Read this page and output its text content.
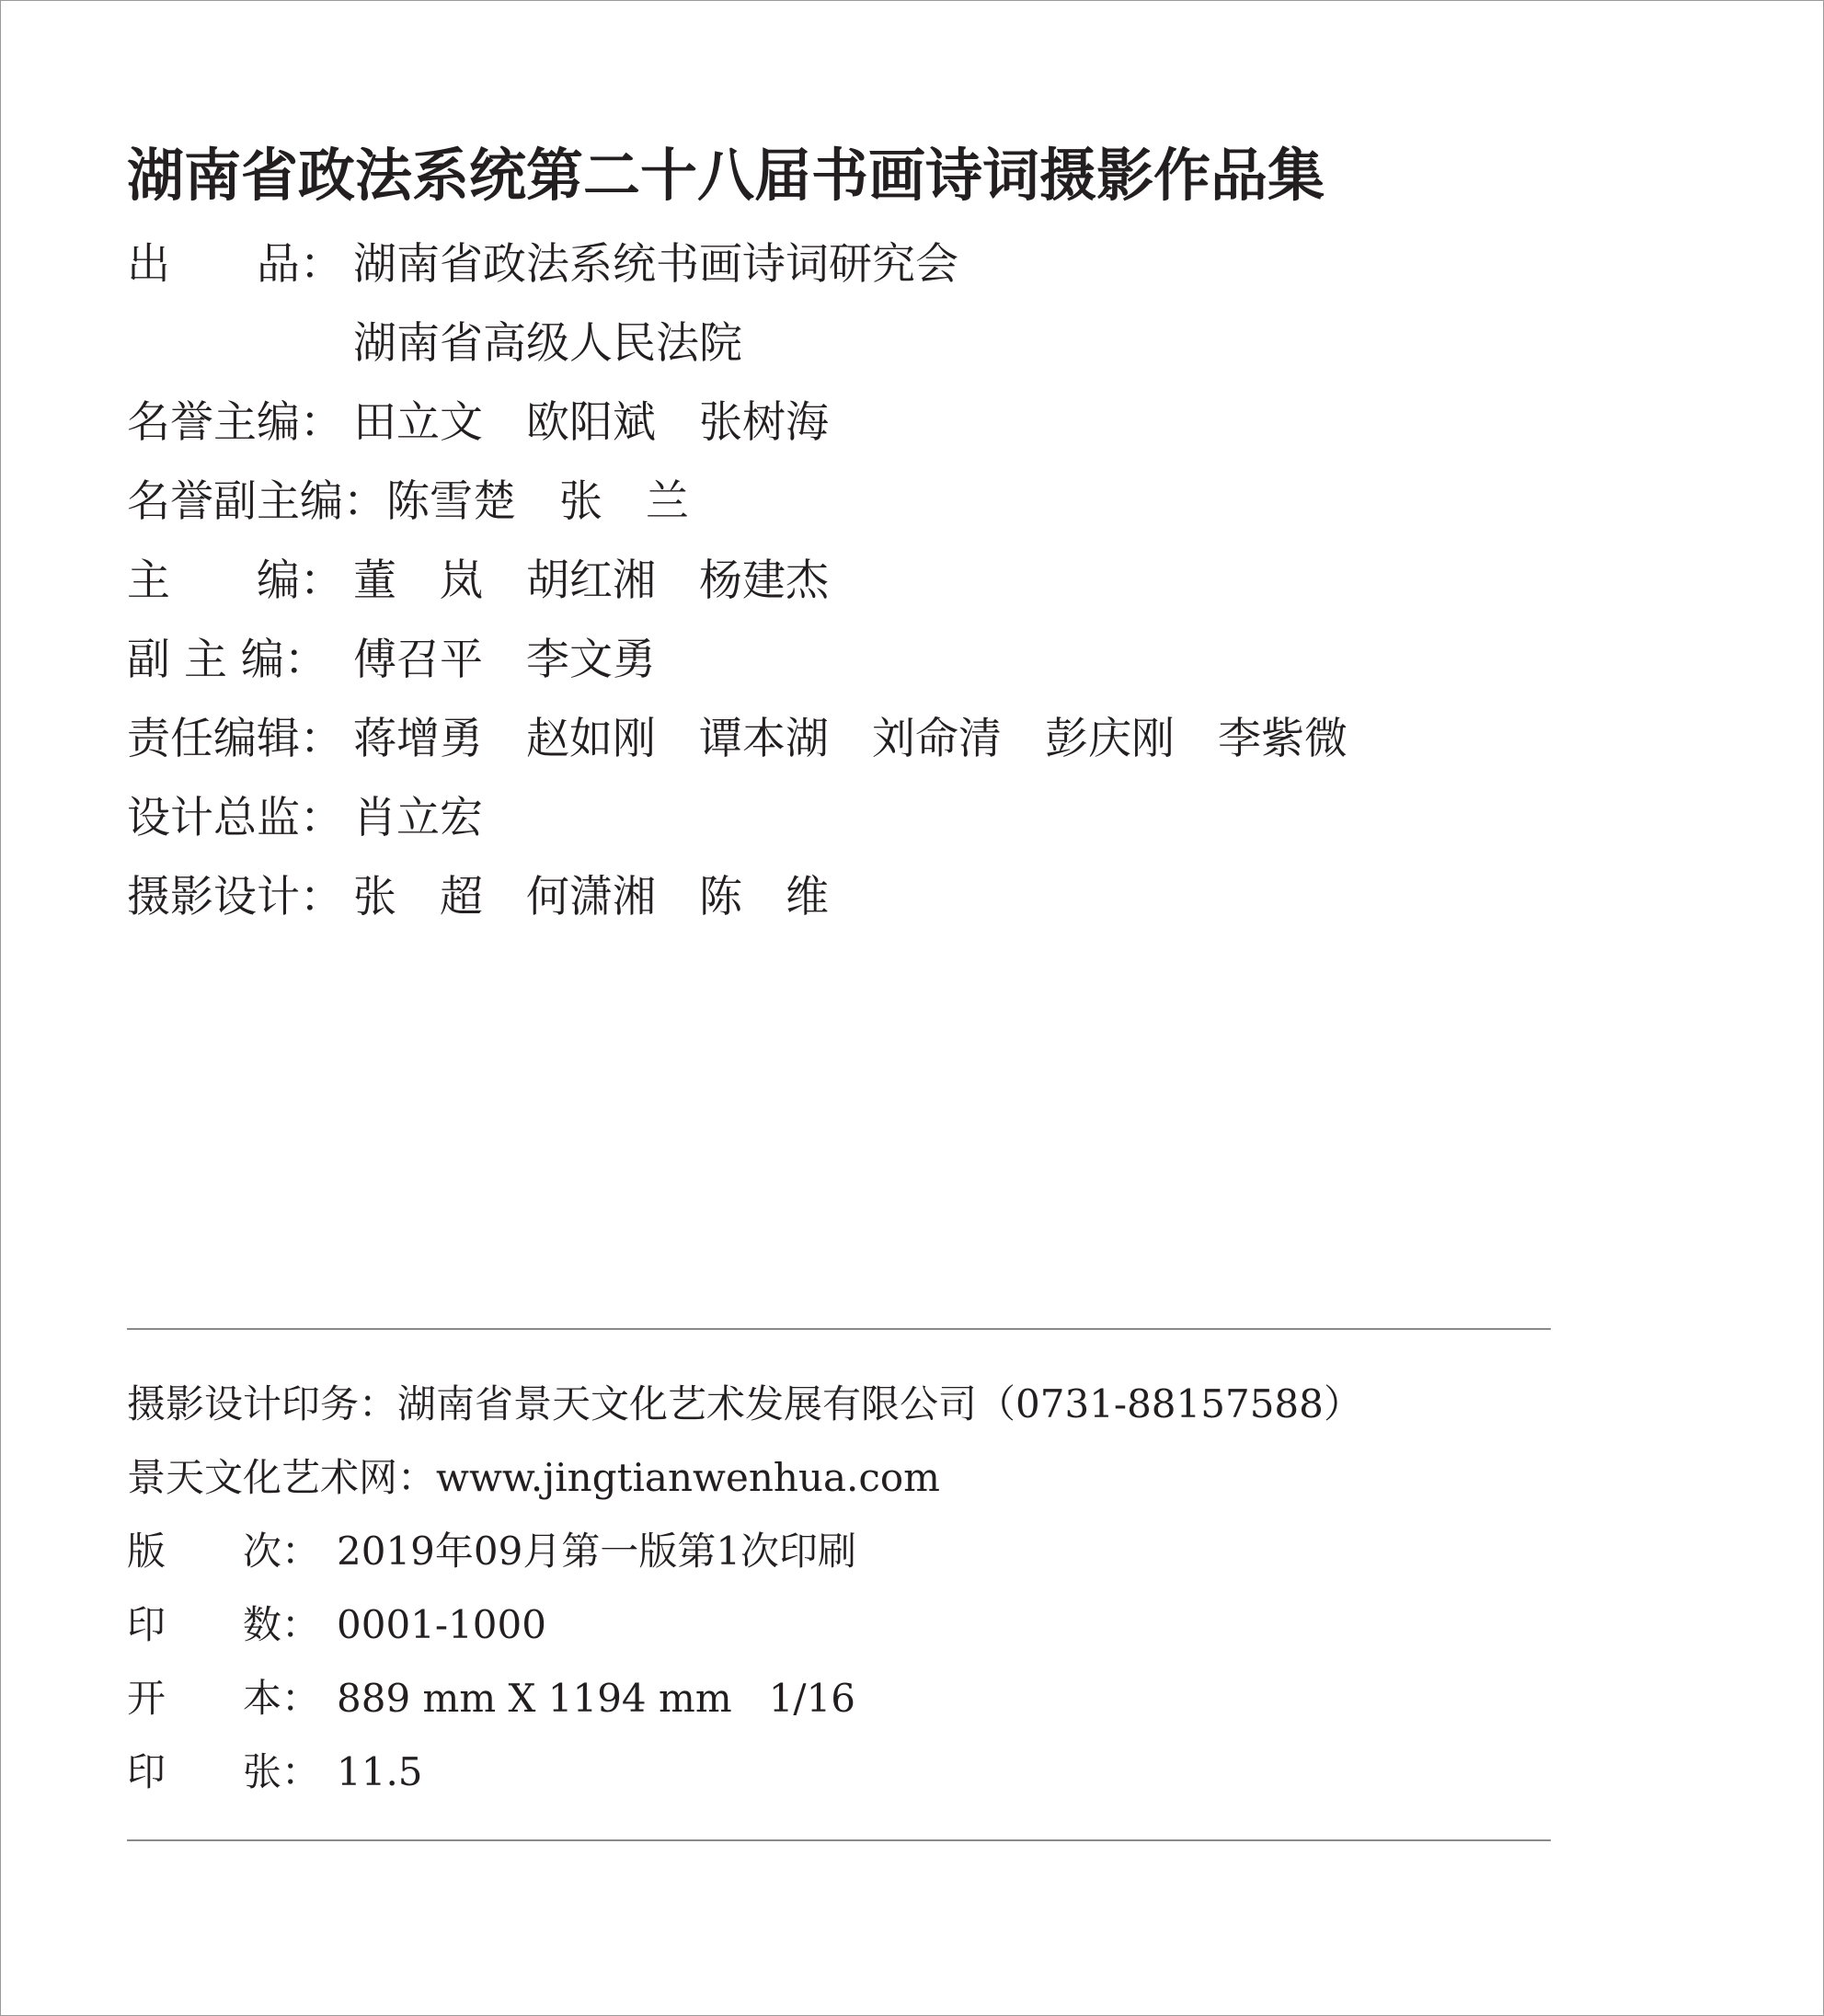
湖南省政法系统第二十八届书画诗词摄影作品集
出　　品： 湖南省政法系统书画诗词研究会
湖南省高级人民法院
名誉主编： 田立文　欧阳斌　张树海
名誉副主编：陈雪楚　张　兰
主　　编： 董　岚　胡红湘　杨建杰
副 主 编： 傅召平　李文勇
责任编辑： 蒋增勇　赵如刚　谭本湖　刘命清　彭庆刚　李紫微
设计总监： 肖立宏
摄影设计： 张　超　何潇湘　陈　维
摄影设计印务：湖南省景天文化艺术发展有限公司（0731-88157588）
景天文化艺术网：www.jingtianwenhua.com
版　　次： 2019年09月第一版第1次印刷
印　　数： 0001-1000
开　　本： 889 mm X 1194 mm   1/16
印　　张： 11.5
